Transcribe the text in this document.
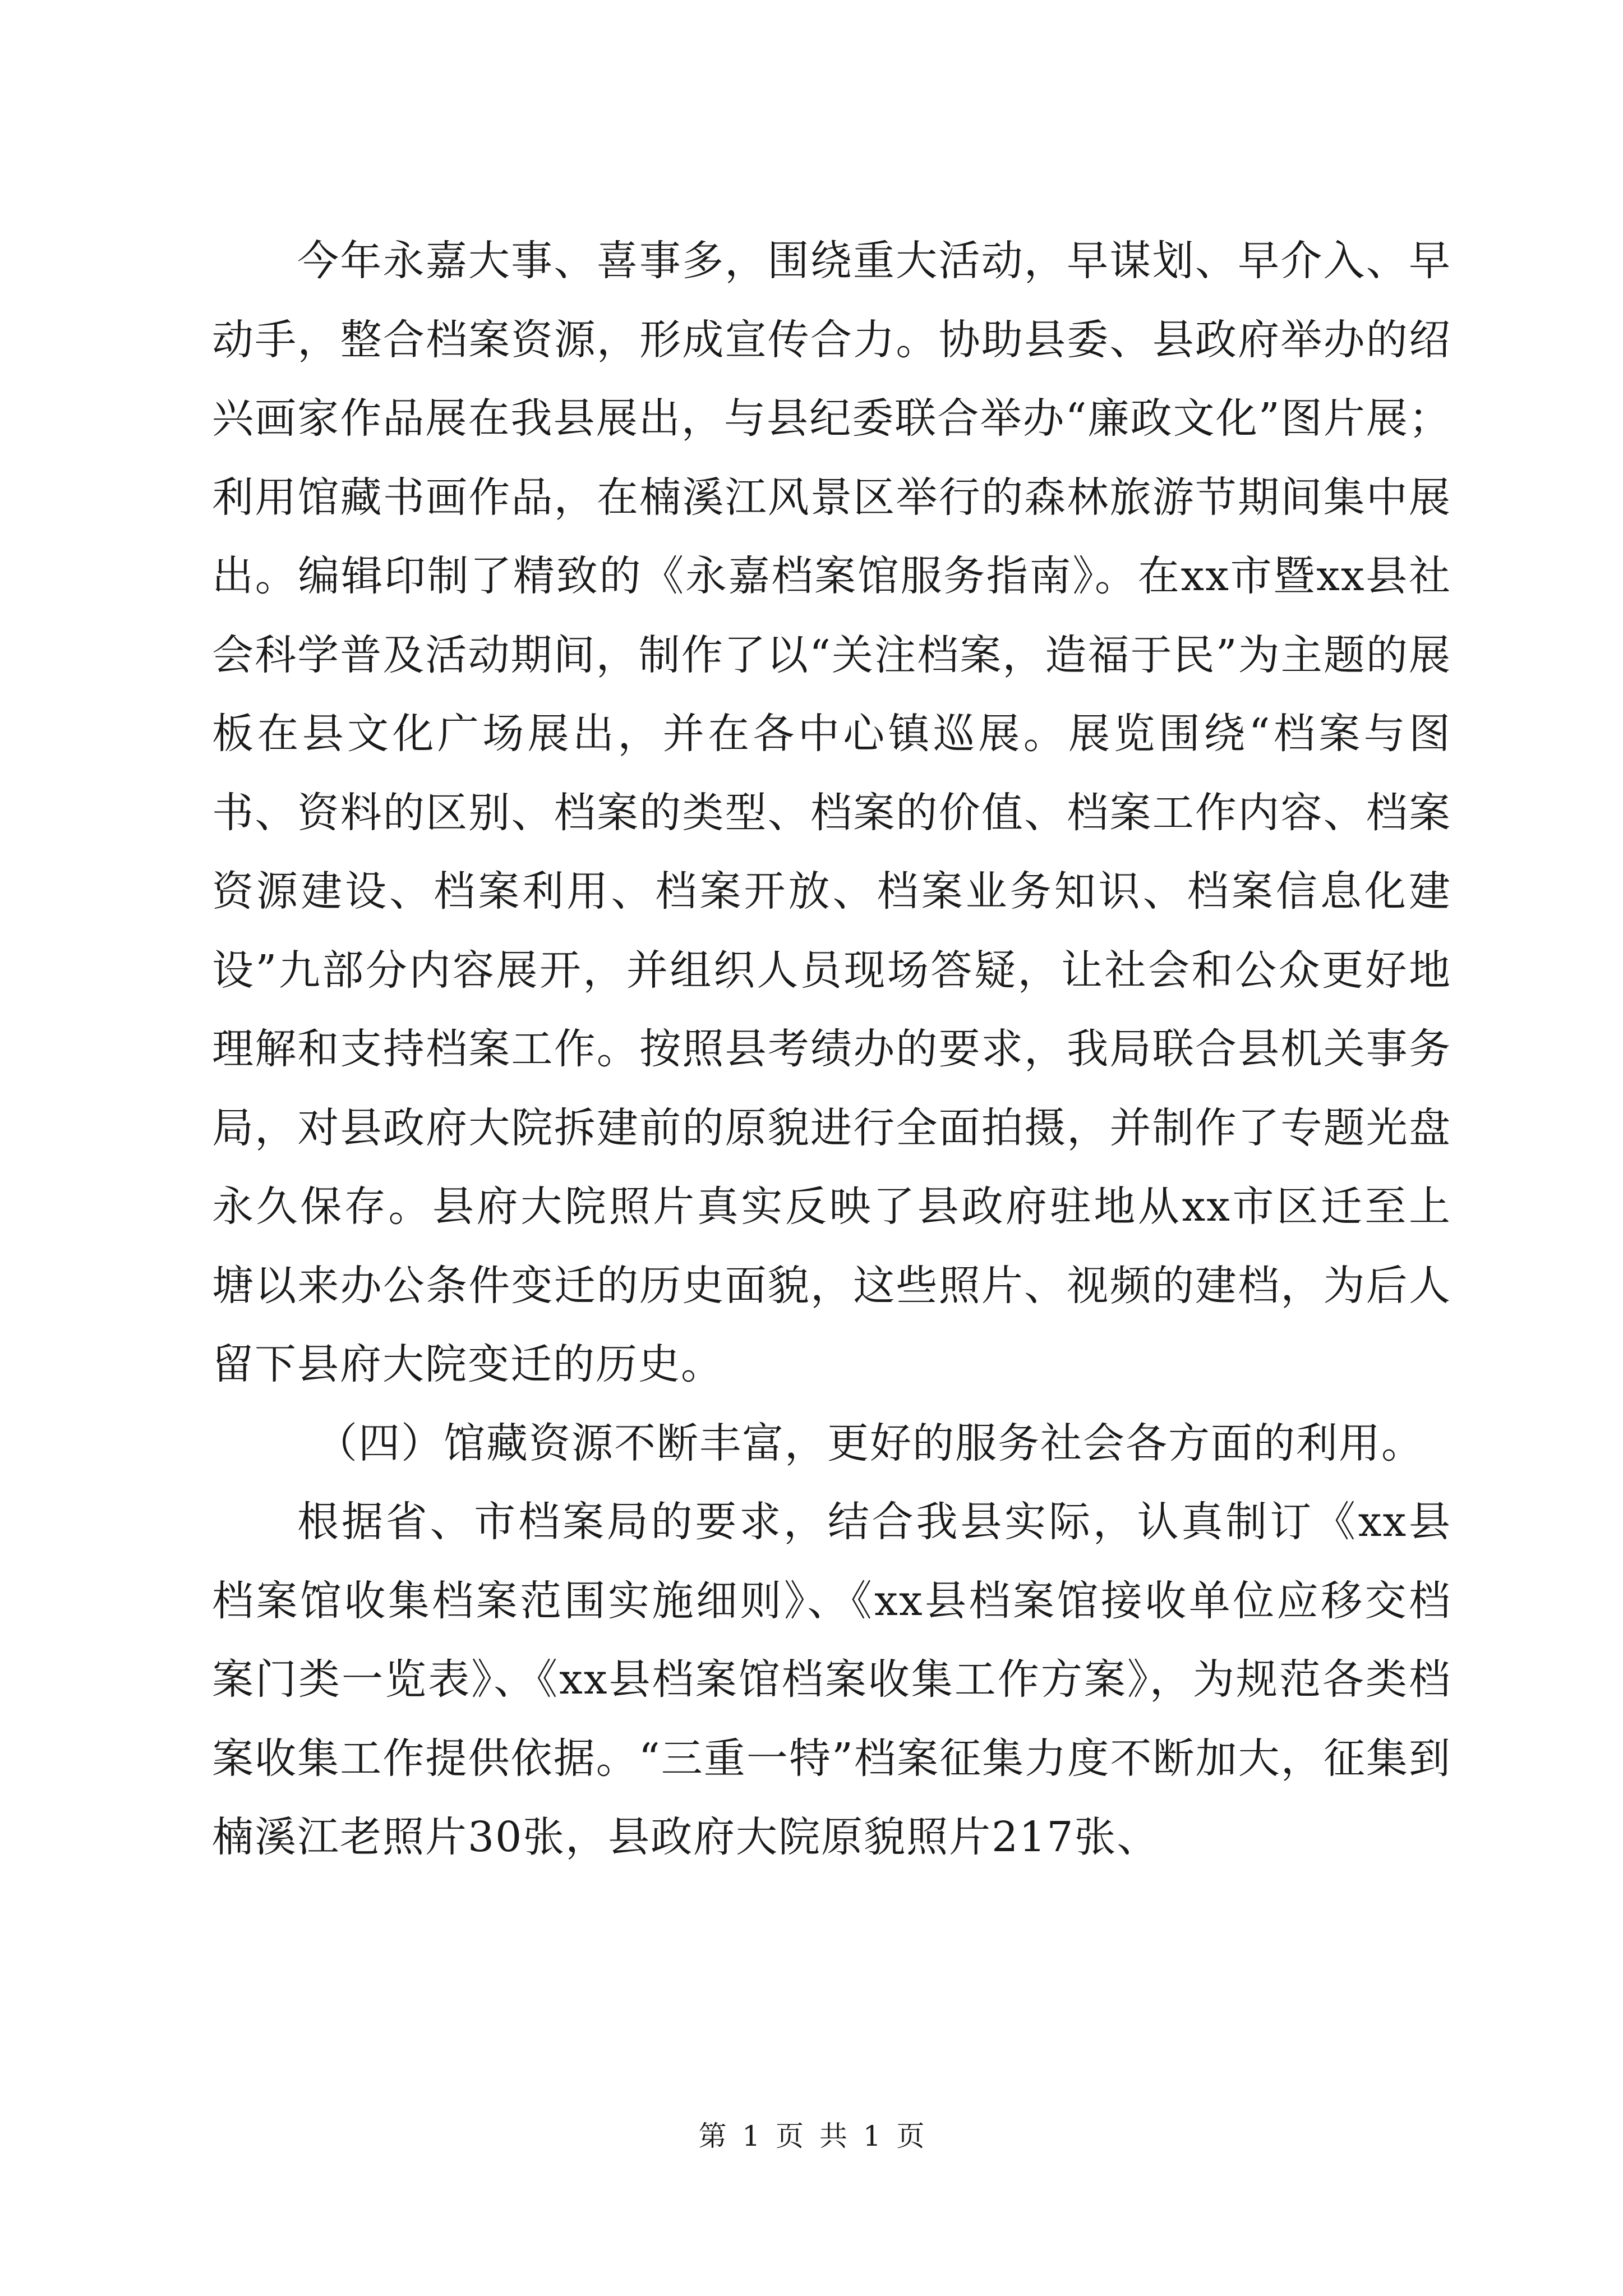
今年永嘉大事、喜事多，围绕重大活动，早谋划、早介入、早动手，整合档案资源，形成宣传合力。协助县委、县政府举办的绍兴画家作品展在我县展出，与县纪委联合举办“廉政文化”图片展；利用馆藏书画作品，在楠溪江风景区举行的森林旅游节期间集中展出。编辑印制了精致的《永嘉档案馆服务指南》。在xx市暨xx县社会科学普及活动期间，制作了以“关注档案，造福于民”为主题的展板在县文化广场展出，并在各中心镇巡展。展览围绕“档案与图书、资料的区别、档案的类型、档案的价值、档案工作内容、档案资源建设、档案利用、档案开放、档案业务知识、档案信息化建设”九部分内容展开，并组织人员现场答疑，让社会和公众更好地理解和支持档案工作。按照县考绩办的要求，我局联合县机关事务局，对县政府大院拆建前的原貌进行全面拍摄，并制作了专题光盘永久保存。县府大院照片真实反映了县政府驻地从xx市区迁至上塘以来办公条件变迁的历史面貌，这些照片、视频的建档，为后人留下县府大院变迁的历史。

（四）馆藏资源不断丰富，更好的服务社会各方面的利用。

根据省、市档案局的要求，结合我县实际，认真制订《xx县档案馆收集档案范围实施细则》、《xx县档案馆接收单位应移交档案门类一览表》、《xx县档案馆档案收集工作方案》，为规范各类档案收集工作提供依据。“三重一特”档案征集力度不断加大，征集到楠溪江老照片30张，县政府大院原貌照片217张、

第 1 页 共 1 页
